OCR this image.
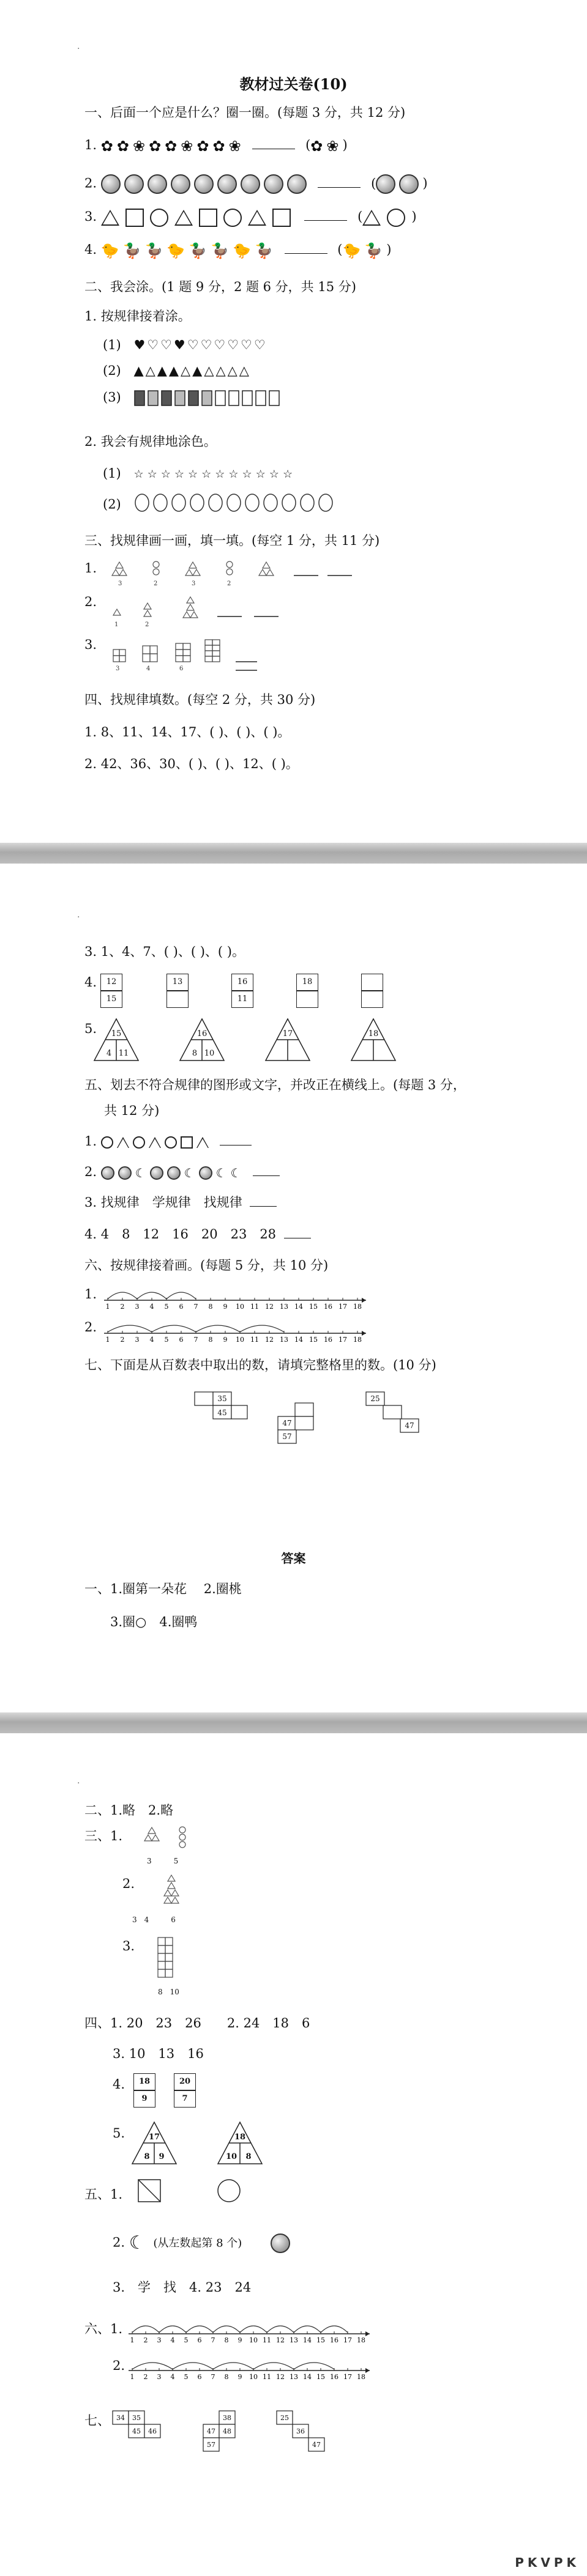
.
教材过关卷(10)
一、后面一个应是什么？圈一圈。(每题 3 分，共 12 分)
1. ✿ ✿ ❀ ✿ ✿ ❀ ✿ ✿ ❀	(✿ ❀ )
2.	(	)
3.	(	)
4. 🐤 🦆 🦆 🐤 🦆 🦆 🐤 🦆	(🐤 🦆 )
二、我会涂。(1 题 9 分，2 题 6 分，共 15 分)
1. 按规律接着涂。
(1) ♥♡♡♥♡♡♡♡♡♡
(2) ▲△▲▲△▲△△△△
(3)
2. 我会有规律地涂色。
(1) ☆☆☆☆☆☆☆☆☆☆☆☆
(2)
三、找规律画一画，填一填。(每空 1 分，共 11 分)
1.
3	2	3	2
2.
1	2
3.
3	4	6
四、找规律填数。(每空 2 分，共 30 分)
1. 8、11、14、17、( )、( )、( )。
2. 42、36、30、( )、( )、12、( )。
.
3. 1、4、7、( )、( )、( )。
4.	12
15
13	16
11
18
5. 15
4 11
16
8 10
17	18
五、划去不符合规律的图形或文字，并改正在横线上。(每题 3 分，
共 12 分)
1.
2.	☾	☾ ☾ ☾
3. 找规律　学规律　找规律
4. 4　8　12　16　20　23　28
六、按规律接着画。(每题 5 分，共 10 分)
1.
1 2 3 4 5 6 7 8 9 10 11 12 13 14 15 16 17 18
2.
1 2 3 4 5 6 7 8 9 10 11 12 13 14 15 16 17 18
七、下面是从百数表中取出的数，请填完整格里的数。(10 分)
35
45
47
57
25
47
答案
一、1.圈第一朵花　 2.圈桃
3.圈○　4.圈鸭
.
二、1.略　2.略
三、1.
3　　　5
2.
3　4　　　6
3.
8　10
四、1. 20　23　26　　2. 24　18　6
3. 10　13　16
4.	18
9
20
7
5.	17
8 9
18
10 8
五、1.
2. ☾ (从左数起第 8 个)
3.　学　找　4. 23　24
六、1.
1 2 3 4 5 6 7 8 9 10 11 12 13 14 15 16 17 18
2.
1 2 3 4 5 6 7 8 9 10 11 12 13 14 15 16 17 18
七、 34 35
45 46
38
47 48
57
25
36
47
PKVPK
